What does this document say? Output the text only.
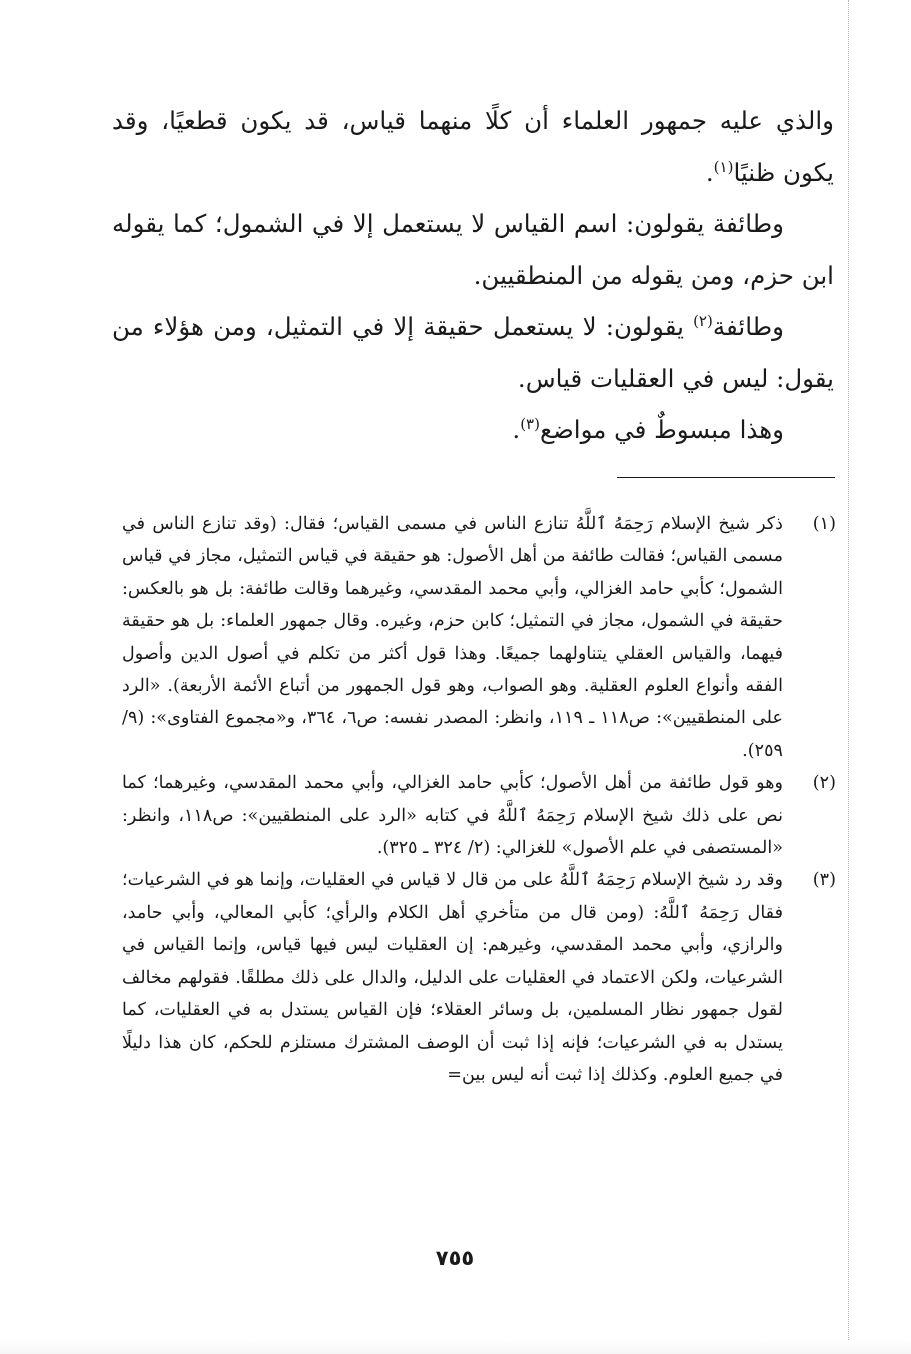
والذي عليه جمهور العلماء أن كلًا منهما قياس، قد يكون قطعيًا، وقد يكون ظنيًا$^{(١)}$.

وطائفة يقولون: اسم القياس لا يستعمل إلا في الشمول؛ كما يقوله ابن حزم، ومن يقوله من المنطقيين.

وطائفة$^{(٢)}$ يقولون: لا يستعمل حقيقة إلا في التمثيل، ومن هؤلاء من يقول: ليس في العقليات قياس.

وهذا مبسوطٌ في مواضع$^{(٣)}$.

(١)
ذكر شيخ الإسلام رَحِمَهُ ٱللَّهُ تنازع الناس في مسمى القياس؛ فقال: (وقد تنازع الناس في مسمى القياس؛ فقالت طائفة من أهل الأصول: هو حقيقة في قياس التمثيل، مجاز في قياس الشمول؛ كأبي حامد الغزالي، وأبي محمد المقدسي، وغيرهما وقالت طائفة: بل هو بالعكس: حقيقة في الشمول، مجاز في التمثيل؛ كابن حزم، وغيره. وقال جمهور العلماء: بل هو حقيقة فيهما، والقياس العقلي يتناولهما جميعًا. وهذا قول أكثر من تكلم في أصول الدين وأصول الفقه وأنواع العلوم العقلية. وهو الصواب، وهو قول الجمهور من أتباع الأئمة الأربعة). «الرد على المنطقيين»: ص١١٨ ـ ١١٩، وانظر: المصدر نفسه: ص٦، ٣٦٤، و«مجموع الفتاوى»: (٩/ ٢٥٩).
(٢)
وهو قول طائفة من أهل الأصول؛ كأبي حامد الغزالي، وأبي محمد المقدسي، وغيرهما؛ كما نص على ذلك شيخ الإسلام رَحِمَهُ ٱللَّهُ في كتابه «الرد على المنطقيين»: ص١١٨، وانظر: «المستصفى في علم الأصول» للغزالي: (٢/ ٣٢٤ ـ ٣٢٥).
(٣)
وقد رد شيخ الإسلام رَحِمَهُ ٱللَّهُ على من قال لا قياس في العقليات، وإنما هو في الشرعيات؛ فقال رَحِمَهُ ٱللَّهُ: (ومن قال من متأخري أهل الكلام والرأي؛ كأبي المعالي، وأبي حامد، والرازي، وأبي محمد المقدسي، وغيرهم: إن العقليات ليس فيها قياس، وإنما القياس في الشرعيات، ولكن الاعتماد في العقليات على الدليل، والدال على ذلك مطلقًا. فقولهم مخالف لقول جمهور نظار المسلمين، بل وسائر العقلاء؛ فإن القياس يستدل به في العقليات، كما يستدل به في الشرعيات؛ فإنه إذا ثبت أن الوصف المشترك مستلزم للحكم، كان هذا دليلًا في جميع العلوم. وكذلك إذا ثبت أنه ليس بين=
٧٥٥
